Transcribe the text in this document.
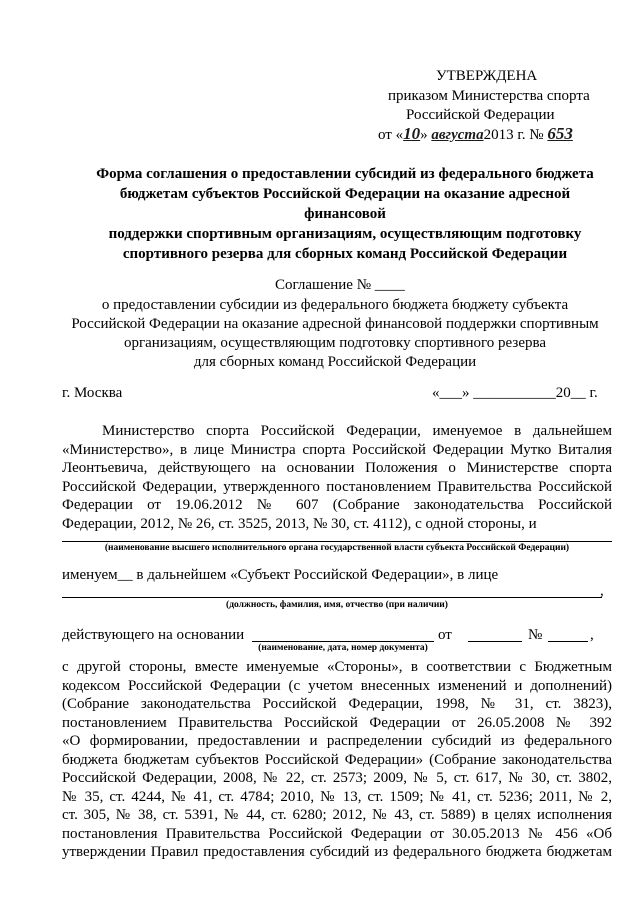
УТВЕРЖДЕНА
приказом Министерства спорта
Российской Федерации
от «10» августа2013 г. № 653
Форма соглашения о предоставлении субсидий из федерального бюджета
бюджетам субъектов Российской Федерации на оказание адресной финансовой
поддержки спортивным организациям, осуществляющим подготовку
спортивного резерва для сборных команд Российской Федерации
Соглашение № ____
о предоставлении субсидии из федерального бюджета бюджету субъекта
Российской Федерации на оказание адресной финансовой поддержки спортивным
организациям, осуществляющим подготовку спортивного резерва
для сборных команд Российской Федерации
г. Москва	«___» ___________20__ г.
Министерство спорта Российской Федерации, именуемое в дальнейшем
«Министерство», в лице Министра спорта Российской Федерации Мутко Виталия
Леонтьевича, действующего на основании Положения о Министерстве спорта
Российской Федерации, утвержденного постановлением Правительства Российской
Федерации от 19.06.2012 № 607 (Собрание законодательства Российской
Федерации, 2012, № 26, ст. 3525, 2013, № 30, ст. 4112), с одной стороны, и
(наименование высшего исполнительного органа государственной власти субъекта Российской Федерации)
именуем__ в дальнейшем «Субъект Российской Федерации», в лице
,
(должность, фамилия, имя, отчество (при наличии)
действующего на основании	от	№	,
(наименование, дата, номер документа)
с другой стороны, вместе именуемые «Стороны», в соответствии с Бюджетным
кодексом Российской Федерации (с учетом внесенных изменений и дополнений)
(Собрание законодательства Российской Федерации, 1998, № 31, ст. 3823),
постановлением Правительства Российской Федерации от 26.05.2008 № 392
«О формировании, предоставлении и распределении субсидий из федерального
бюджета бюджетам субъектов Российской Федерации» (Собрание законодательства
Российской Федерации, 2008, № 22, ст. 2573; 2009, № 5, ст. 617, № 30, ст. 3802,
№ 35, ст. 4244, № 41, ст. 4784; 2010, № 13, ст. 1509; № 41, ст. 5236; 2011, № 2,
ст. 305, № 38, ст. 5391, № 44, ст. 6280; 2012, № 43, ст. 5889) в целях исполнения
постановления Правительства Российской Федерации от 30.05.2013 № 456 «Об
утверждении Правил предоставления субсидий из федерального бюджета бюджетам
